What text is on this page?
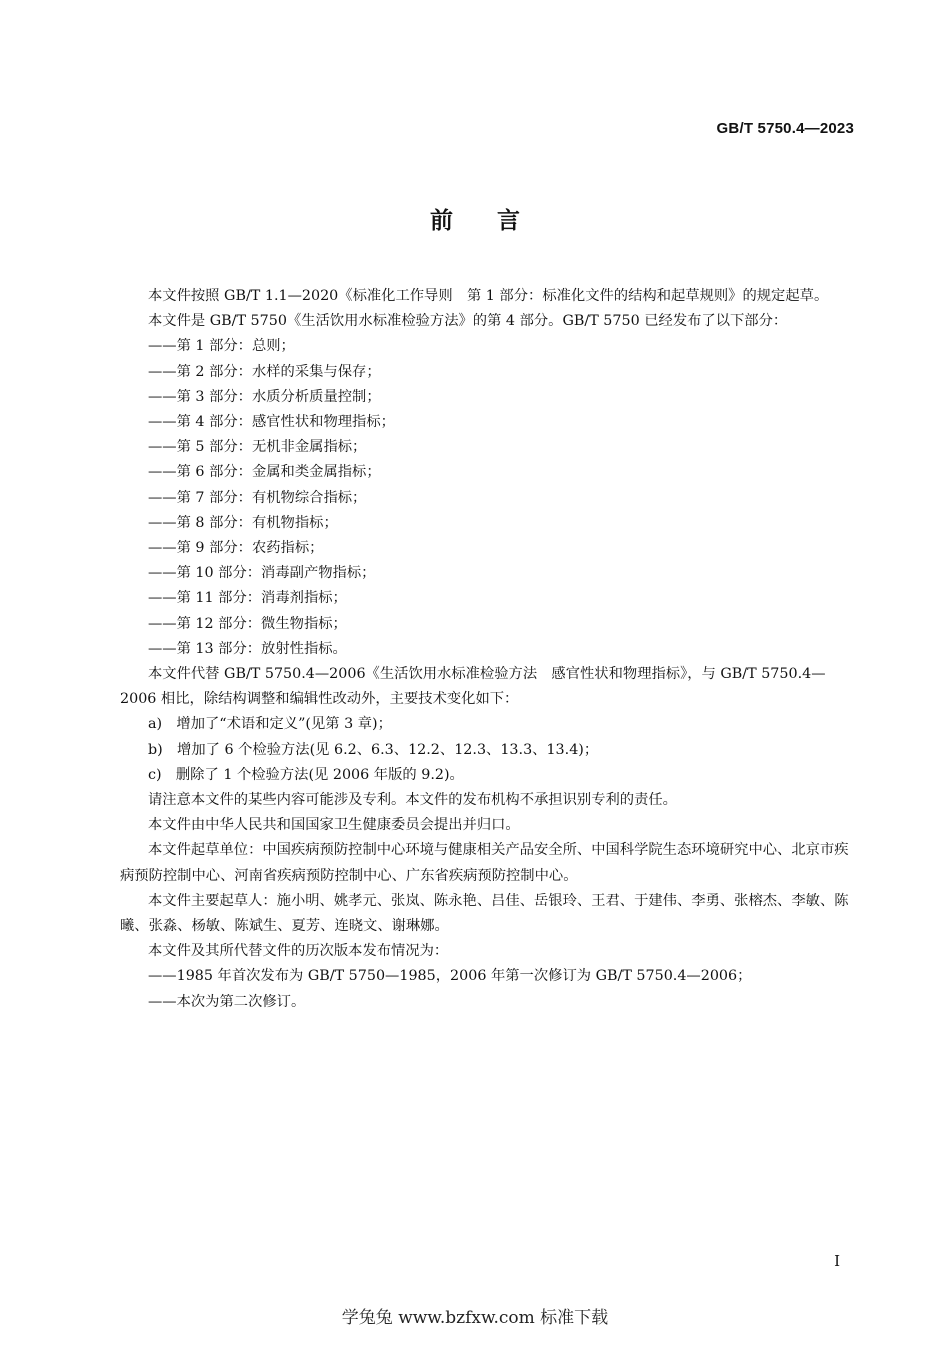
GB/T 5750.4—2023
前言

本文件按照 GB/T 1.1—2020《标准化工作导则　第 1 部分：标准化文件的结构和起草规则》的规定起草。

本文件是 GB/T 5750《生活饮用水标准检验方法》的第 4 部分。GB/T 5750 已经发布了以下部分：

——第 1 部分：总则；

——第 2 部分：水样的采集与保存；

——第 3 部分：水质分析质量控制；

——第 4 部分：感官性状和物理指标；

——第 5 部分：无机非金属指标；

——第 6 部分：金属和类金属指标；

——第 7 部分：有机物综合指标；

——第 8 部分：有机物指标；

——第 9 部分：农药指标；

——第 10 部分：消毒副产物指标；

——第 11 部分：消毒剂指标；

——第 12 部分：微生物指标；

——第 13 部分：放射性指标。

本文件代替 GB/T 5750.4—2006《生活饮用水标准检验方法　感官性状和物理指标》，与 GB/T 5750.4—2006 相比，除结构调整和编辑性改动外，主要技术变化如下：

a)　增加了“术语和定义”(见第 3 章)；

b)　增加了 6 个检验方法(见 6.2、6.3、12.2、12.3、13.3、13.4)；

c)　删除了 1 个检验方法(见 2006 年版的 9.2)。

请注意本文件的某些内容可能涉及专利。本文件的发布机构不承担识别专利的责任。

本文件由中华人民共和国国家卫生健康委员会提出并归口。

本文件起草单位：中国疾病预防控制中心环境与健康相关产品安全所、中国科学院生态环境研究中心、北京市疾病预防控制中心、河南省疾病预防控制中心、广东省疾病预防控制中心。

本文件主要起草人：施小明、姚孝元、张岚、陈永艳、吕佳、岳银玲、王君、于建伟、李勇、张榕杰、李敏、陈曦、张淼、杨敏、陈斌生、夏芳、连晓文、谢琳娜。

本文件及其所代替文件的历次版本发布情况为：

——1985 年首次发布为 GB/T 5750—1985，2006 年第一次修订为 GB/T 5750.4—2006；

——本次为第二次修订。

I
学兔兔 www.bzfxw.com 标准下载
